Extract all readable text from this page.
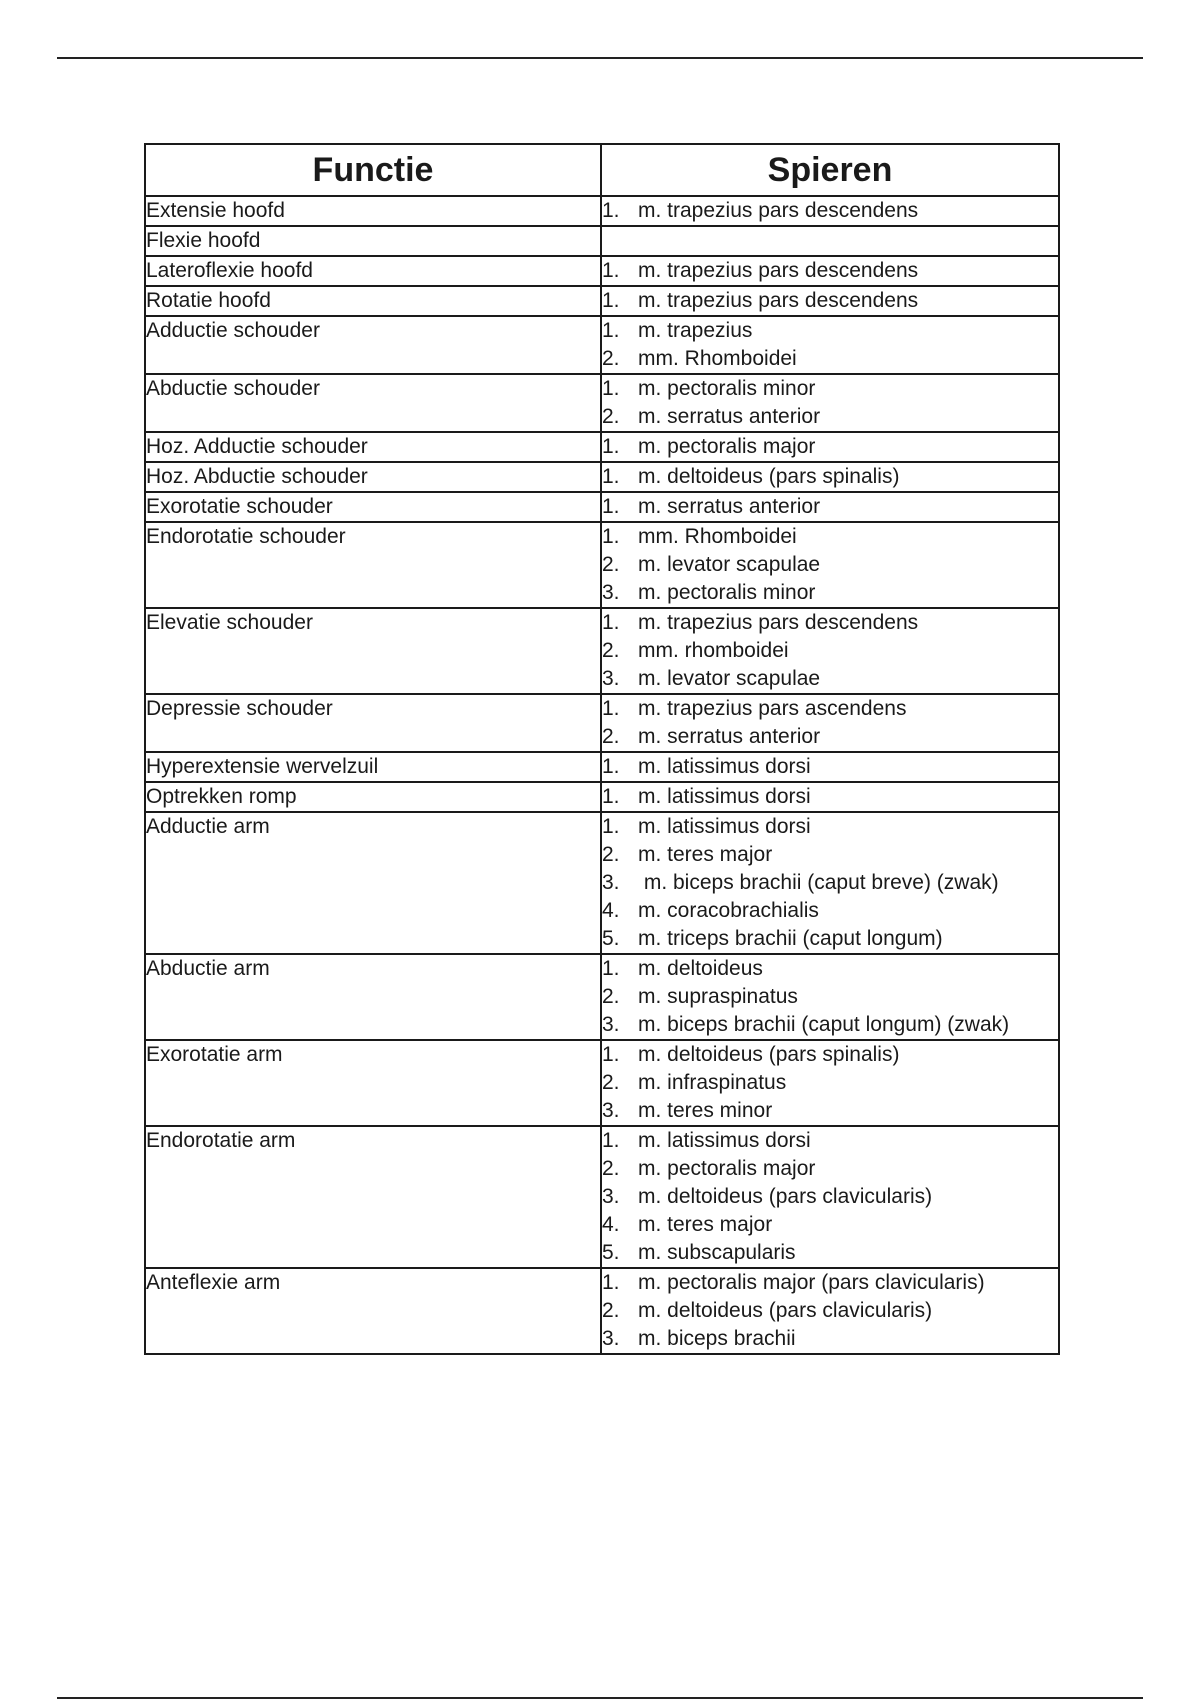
Functie	Spieren
Extensie hoofd	1. m. trapezius pars descendens

Flexie hoofd	

Lateroflexie hoofd	1. m. trapezius pars descendens

Rotatie hoofd	1. m. trapezius pars descendens

Adductie schouder	1. m. trapezius
2. mm. Rhomboidei

Abductie schouder	1. m. pectoralis minor
2. m. serratus anterior

Hoz. Adductie schouder	1. m. pectoralis major

Hoz. Abductie schouder	1. m. deltoideus (pars spinalis)

Exorotatie schouder	1. m. serratus anterior

Endorotatie schouder	1. mm. Rhomboidei
2. m. levator scapulae
3. m. pectoralis minor

Elevatie schouder	1. m. trapezius pars descendens
2. mm. rhomboidei
3. m. levator scapulae

Depressie schouder	1. m. trapezius pars ascendens
2. m. serratus anterior

Hyperextensie wervelzuil	1. m. latissimus dorsi

Optrekken romp	1. m. latissimus dorsi

Adductie arm	1. m. latissimus dorsi
2. m. teres major
3. m. biceps brachii (caput breve) (zwak)
4. m. coracobrachialis
5. m. triceps brachii (caput longum)

Abductie arm	1. m. deltoideus
2. m. supraspinatus
3. m. biceps brachii (caput longum) (zwak)

Exorotatie arm	1. m. deltoideus (pars spinalis)
2. m. infraspinatus
3. m. teres minor

Endorotatie arm	1. m. latissimus dorsi
2. m. pectoralis major
3. m. deltoideus (pars clavicularis)
4. m. teres major
5. m. subscapularis

Anteflexie arm	1. m. pectoralis major (pars clavicularis)
2. m. deltoideus (pars clavicularis)
3. m. biceps brachii
